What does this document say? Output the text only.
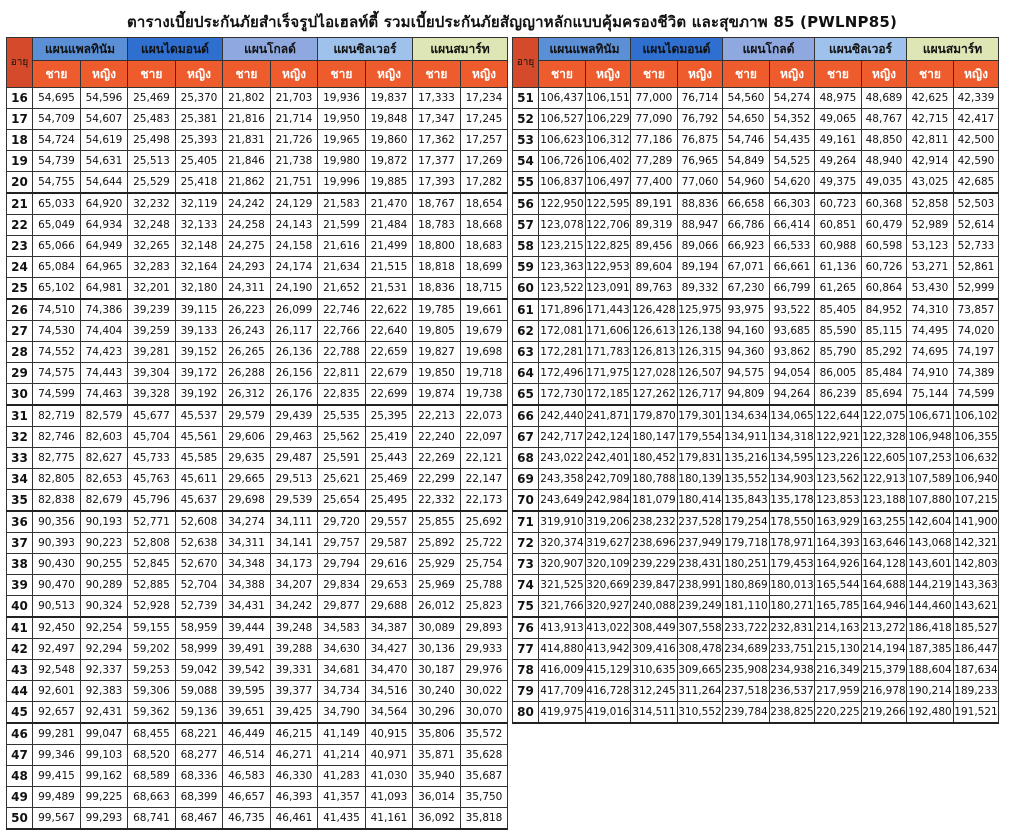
ตารางเบี้ยประกันภัยสำเร็จรูปไอเฮลท์ตี้ รวมเบี้ยประกันภัยสัญญาหลักแบบคุ้มครองชีวิต และสุขภาพ 85 (PWLNP85)
อายุ	แผนแพลทินัม		แผนไดมอนด์		แผนโกลด์		แผนซิลเวอร์		แผนสมาร์ท	
	ชาย	หญิง	ชาย	หญิง	ชาย	หญิง	ชาย	หญิง	ชาย	หญิง
16	54,695	54,596	25,469	25,370	21,802	21,703	19,936	19,837	17,333	17,234
17	54,709	54,607	25,483	25,381	21,816	21,714	19,950	19,848	17,347	17,245
18	54,724	54,619	25,498	25,393	21,831	21,726	19,965	19,860	17,362	17,257
19	54,739	54,631	25,513	25,405	21,846	21,738	19,980	19,872	17,377	17,269
20	54,755	54,644	25,529	25,418	21,862	21,751	19,996	19,885	17,393	17,282
21	65,033	64,920	32,232	32,119	24,242	24,129	21,583	21,470	18,767	18,654
22	65,049	64,934	32,248	32,133	24,258	24,143	21,599	21,484	18,783	18,668
23	65,066	64,949	32,265	32,148	24,275	24,158	21,616	21,499	18,800	18,683
24	65,084	64,965	32,283	32,164	24,293	24,174	21,634	21,515	18,818	18,699
25	65,102	64,981	32,201	32,180	24,311	24,190	21,652	21,531	18,836	18,715
26	74,510	74,386	39,239	39,115	26,223	26,099	22,746	22,622	19,785	19,661
27	74,530	74,404	39,259	39,133	26,243	26,117	22,766	22,640	19,805	19,679
28	74,552	74,423	39,281	39,152	26,265	26,136	22,788	22,659	19,827	19,698
29	74,575	74,443	39,304	39,172	26,288	26,156	22,811	22,679	19,850	19,718
30	74,599	74,463	39,328	39,192	26,312	26,176	22,835	22,699	19,874	19,738
31	82,719	82,579	45,677	45,537	29,579	29,439	25,535	25,395	22,213	22,073
32	82,746	82,603	45,704	45,561	29,606	29,463	25,562	25,419	22,240	22,097
33	82,775	82,627	45,733	45,585	29,635	29,487	25,591	25,443	22,269	22,121
34	82,805	82,653	45,763	45,611	29,665	29,513	25,621	25,469	22,299	22,147
35	82,838	82,679	45,796	45,637	29,698	29,539	25,654	25,495	22,332	22,173
36	90,356	90,193	52,771	52,608	34,274	34,111	29,720	29,557	25,855	25,692
37	90,393	90,223	52,808	52,638	34,311	34,141	29,757	29,587	25,892	25,722
38	90,430	90,255	52,845	52,670	34,348	34,173	29,794	29,616	25,929	25,754
39	90,470	90,289	52,885	52,704	34,388	34,207	29,834	29,653	25,969	25,788
40	90,513	90,324	52,928	52,739	34,431	34,242	29,877	29,688	26,012	25,823
41	92,450	92,254	59,155	58,959	39,444	39,248	34,583	34,387	30,089	29,893
42	92,497	92,294	59,202	58,999	39,491	39,288	34,630	34,427	30,136	29,933
43	92,548	92,337	59,253	59,042	39,542	39,331	34,681	34,470	30,187	29,976
44	92,601	92,383	59,306	59,088	39,595	39,377	34,734	34,516	30,240	30,022
45	92,657	92,431	59,362	59,136	39,651	39,425	34,790	34,564	30,296	30,070
46	99,281	99,047	68,455	68,221	46,449	46,215	41,149	40,915	35,806	35,572
47	99,346	99,103	68,520	68,277	46,514	46,271	41,214	40,971	35,871	35,628
48	99,415	99,162	68,589	68,336	46,583	46,330	41,283	41,030	35,940	35,687
49	99,489	99,225	68,663	68,399	46,657	46,393	41,357	41,093	36,014	35,750
50	99,567	99,293	68,741	68,467	46,735	46,461	41,435	41,161	36,092	35,818
อายุ	แผนแพลทินัม		แผนไดมอนด์		แผนโกลด์		แผนซิลเวอร์		แผนสมาร์ท	
	ชาย	หญิง	ชาย	หญิง	ชาย	หญิง	ชาย	หญิง	ชาย	หญิง
51	106,437	106,151	77,000	76,714	54,560	54,274	48,975	48,689	42,625	42,339
52	106,527	106,229	77,090	76,792	54,650	54,352	49,065	48,767	42,715	42,417
53	106,623	106,312	77,186	76,875	54,746	54,435	49,161	48,850	42,811	42,500
54	106,726	106,402	77,289	76,965	54,849	54,525	49,264	48,940	42,914	42,590
55	106,837	106,497	77,400	77,060	54,960	54,620	49,375	49,035	43,025	42,685
56	122,950	122,595	89,191	88,836	66,658	66,303	60,723	60,368	52,858	52,503
57	123,078	122,706	89,319	88,947	66,786	66,414	60,851	60,479	52,989	52,614
58	123,215	122,825	89,456	89,066	66,923	66,533	60,988	60,598	53,123	52,733
59	123,363	122,953	89,604	89,194	67,071	66,661	61,136	60,726	53,271	52,861
60	123,522	123,091	89,763	89,332	67,230	66,799	61,265	60,864	53,430	52,999
61	171,896	171,443	126,428	125,975	93,975	93,522	85,405	84,952	74,310	73,857
62	172,081	171,606	126,613	126,138	94,160	93,685	85,590	85,115	74,495	74,020
63	172,281	171,783	126,813	126,315	94,360	93,862	85,790	85,292	74,695	74,197
64	172,496	171,975	127,028	126,507	94,575	94,054	86,005	85,484	74,910	74,389
65	172,730	172,185	127,262	126,717	94,809	94,264	86,239	85,694	75,144	74,599
66	242,440	241,871	179,870	179,301	134,634	134,065	122,644	122,075	106,671	106,102
67	242,717	242,124	180,147	179,554	134,911	134,318	122,921	122,328	106,948	106,355
68	243,022	242,401	180,452	179,831	135,216	134,595	123,226	122,605	107,253	106,632
69	243,358	242,709	180,788	180,139	135,552	134,903	123,562	122,913	107,589	106,940
70	243,649	242,984	181,079	180,414	135,843	135,178	123,853	123,188	107,880	107,215
71	319,910	319,206	238,232	237,528	179,254	178,550	163,929	163,255	142,604	141,900
72	320,374	319,627	238,696	237,949	179,718	178,971	164,393	163,646	143,068	142,321
73	320,907	320,109	239,229	238,431	180,251	179,453	164,926	164,128	143,601	142,803
74	321,525	320,669	239,847	238,991	180,869	180,013	165,544	164,688	144,219	143,363
75	321,766	320,927	240,088	239,249	181,110	180,271	165,785	164,946	144,460	143,621
76	413,913	413,022	308,449	307,558	233,722	232,831	214,163	213,272	186,418	185,527
77	414,880	413,942	309,416	308,478	234,689	233,751	215,130	214,194	187,385	186,447
78	416,009	415,129	310,635	309,665	235,908	234,938	216,349	215,379	188,604	187,634
79	417,709	416,728	312,245	311,264	237,518	236,537	217,959	216,978	190,214	189,233
80	419,975	419,016	314,511	310,552	239,784	238,825	220,225	219,266	192,480	191,521
